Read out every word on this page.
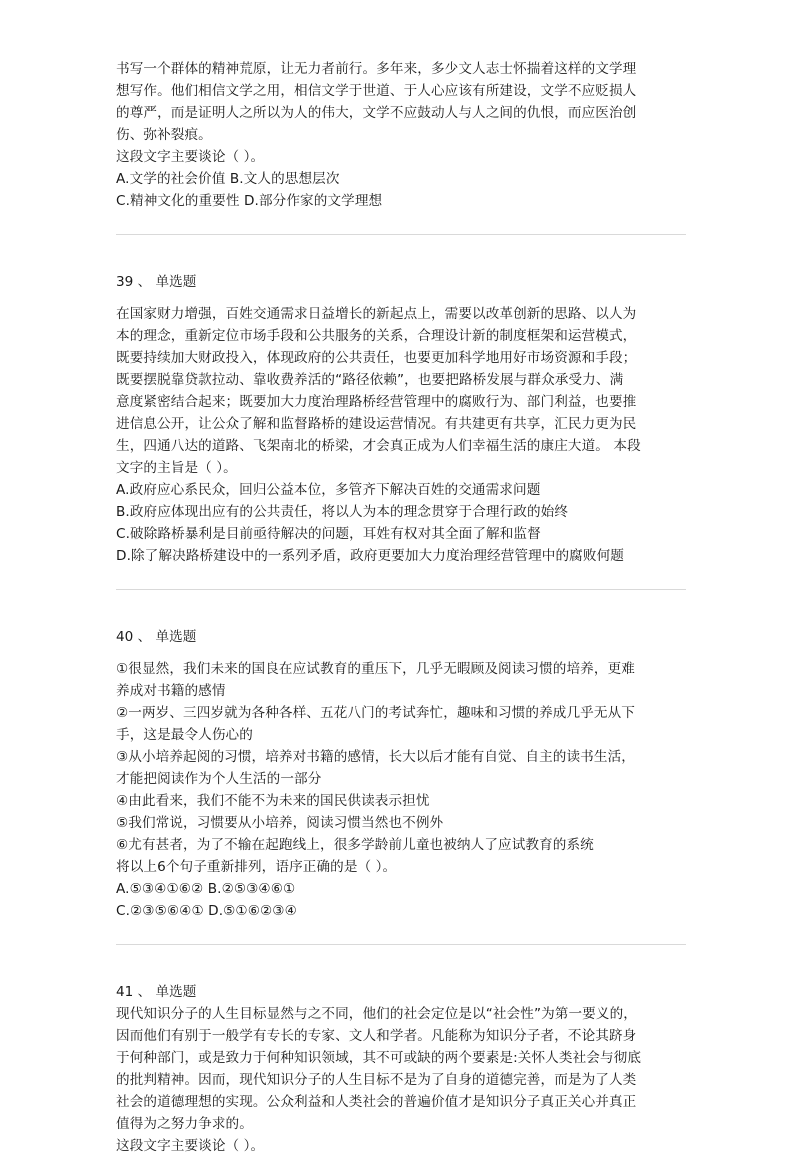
书写一个群体的精神荒原，让无力者前行。多年来，多少文人志士怀揣着这样的文学理
想写作。他们相信文学之用，相信文学于世道、于人心应该有所建设，文学不应贬损人
的尊严，而是证明人之所以为人的伟大，文学不应鼓动人与人之间的仇恨，而应医治创
伤、弥补裂痕。
这段文字主要谈论（ ）。
A.文学的社会价值 B.文人的思想层次
C.精神文化的重要性 D.部分作家的文学理想
39 、 单选题
在国家财力增强，百姓交通需求日益增长的新起点上，需要以改革创新的思路、以人为
本的理念，重新定位市场手段和公共服务的关系，合理设计新的制度框架和运营模式，
既要持续加大财政投入，体现政府的公共责任，也要更加科学地用好市场资源和手段；
既要摆脱靠贷款拉动、靠收费养活的“路径依赖”，也要把路桥发展与群众承受力、满
意度紧密结合起来；既要加大力度治理路桥经营管理中的腐败行为、部门利益，也要推
进信息公开，让公众了解和监督路桥的建设运营情况。有共建更有共享，汇民力更为民
生，四通八达的道路、飞架南北的桥梁，才会真正成为人们幸福生活的康庄大道。 本段
文字的主旨是（ ）。
A.政府应心系民众，回归公益本位，多管齐下解决百姓的交通需求问题
B.政府应体现出应有的公共责任，将以人为本的理念贯穿于合理行政的始终
C.破除路桥暴利是目前亟待解决的问题，耳姓有权对其全面了解和监督
D.除了解决路桥建设中的一系列矛盾，政府更要加大力度治理经营管理中的腐败何题
40 、 单选题
①很显然，我们未来的国良在应试教育的重压下，几乎无暇顾及阅读习惯的培养，更难
养成对书籍的感情
②一两岁、三四岁就为各种各样、五花八门的考试奔忙，趣味和习惯的养成几乎无从下
手，这是最令人伤心的
③从小培养起阅的习惯，培养对书籍的感情，长大以后才能有自觉、自主的读书生活，
才能把阅读作为个人生活的一部分
④由此看来，我们不能不为未来的国民供读表示担忧
⑤我们常说，习惯要从小培养，阅读习惯当然也不例外
⑥尤有甚者，为了不输在起跑线上，很多学龄前儿童也被纳人了应试教育的系统
将以上6个句子重新排列，语序正确的是（ ）。
A.⑤③④①⑥② B.②⑤③④⑥①
C.②③⑤⑥④① D.⑤①⑥②③④
41 、 单选题
现代知识分子的人生目标显然与之不同，他们的社会定位是以“社会性”为第一要义的，
因而他们有别于一般学有专长的专家、文人和学者。凡能称为知识分子者，不论其跻身
于何种部门，或是致力于何种知识领域，其不可或缺的两个要素是:关怀人类社会与彻底
的批判精神。因而，现代知识分子的人生目标不是为了自身的道德完善，而是为了人类
社会的道德理想的实现。公众利益和人类社会的普遍价值才是知识分子真正关心并真正
值得为之努力争求的。
这段文字主要谈论（ ）。
